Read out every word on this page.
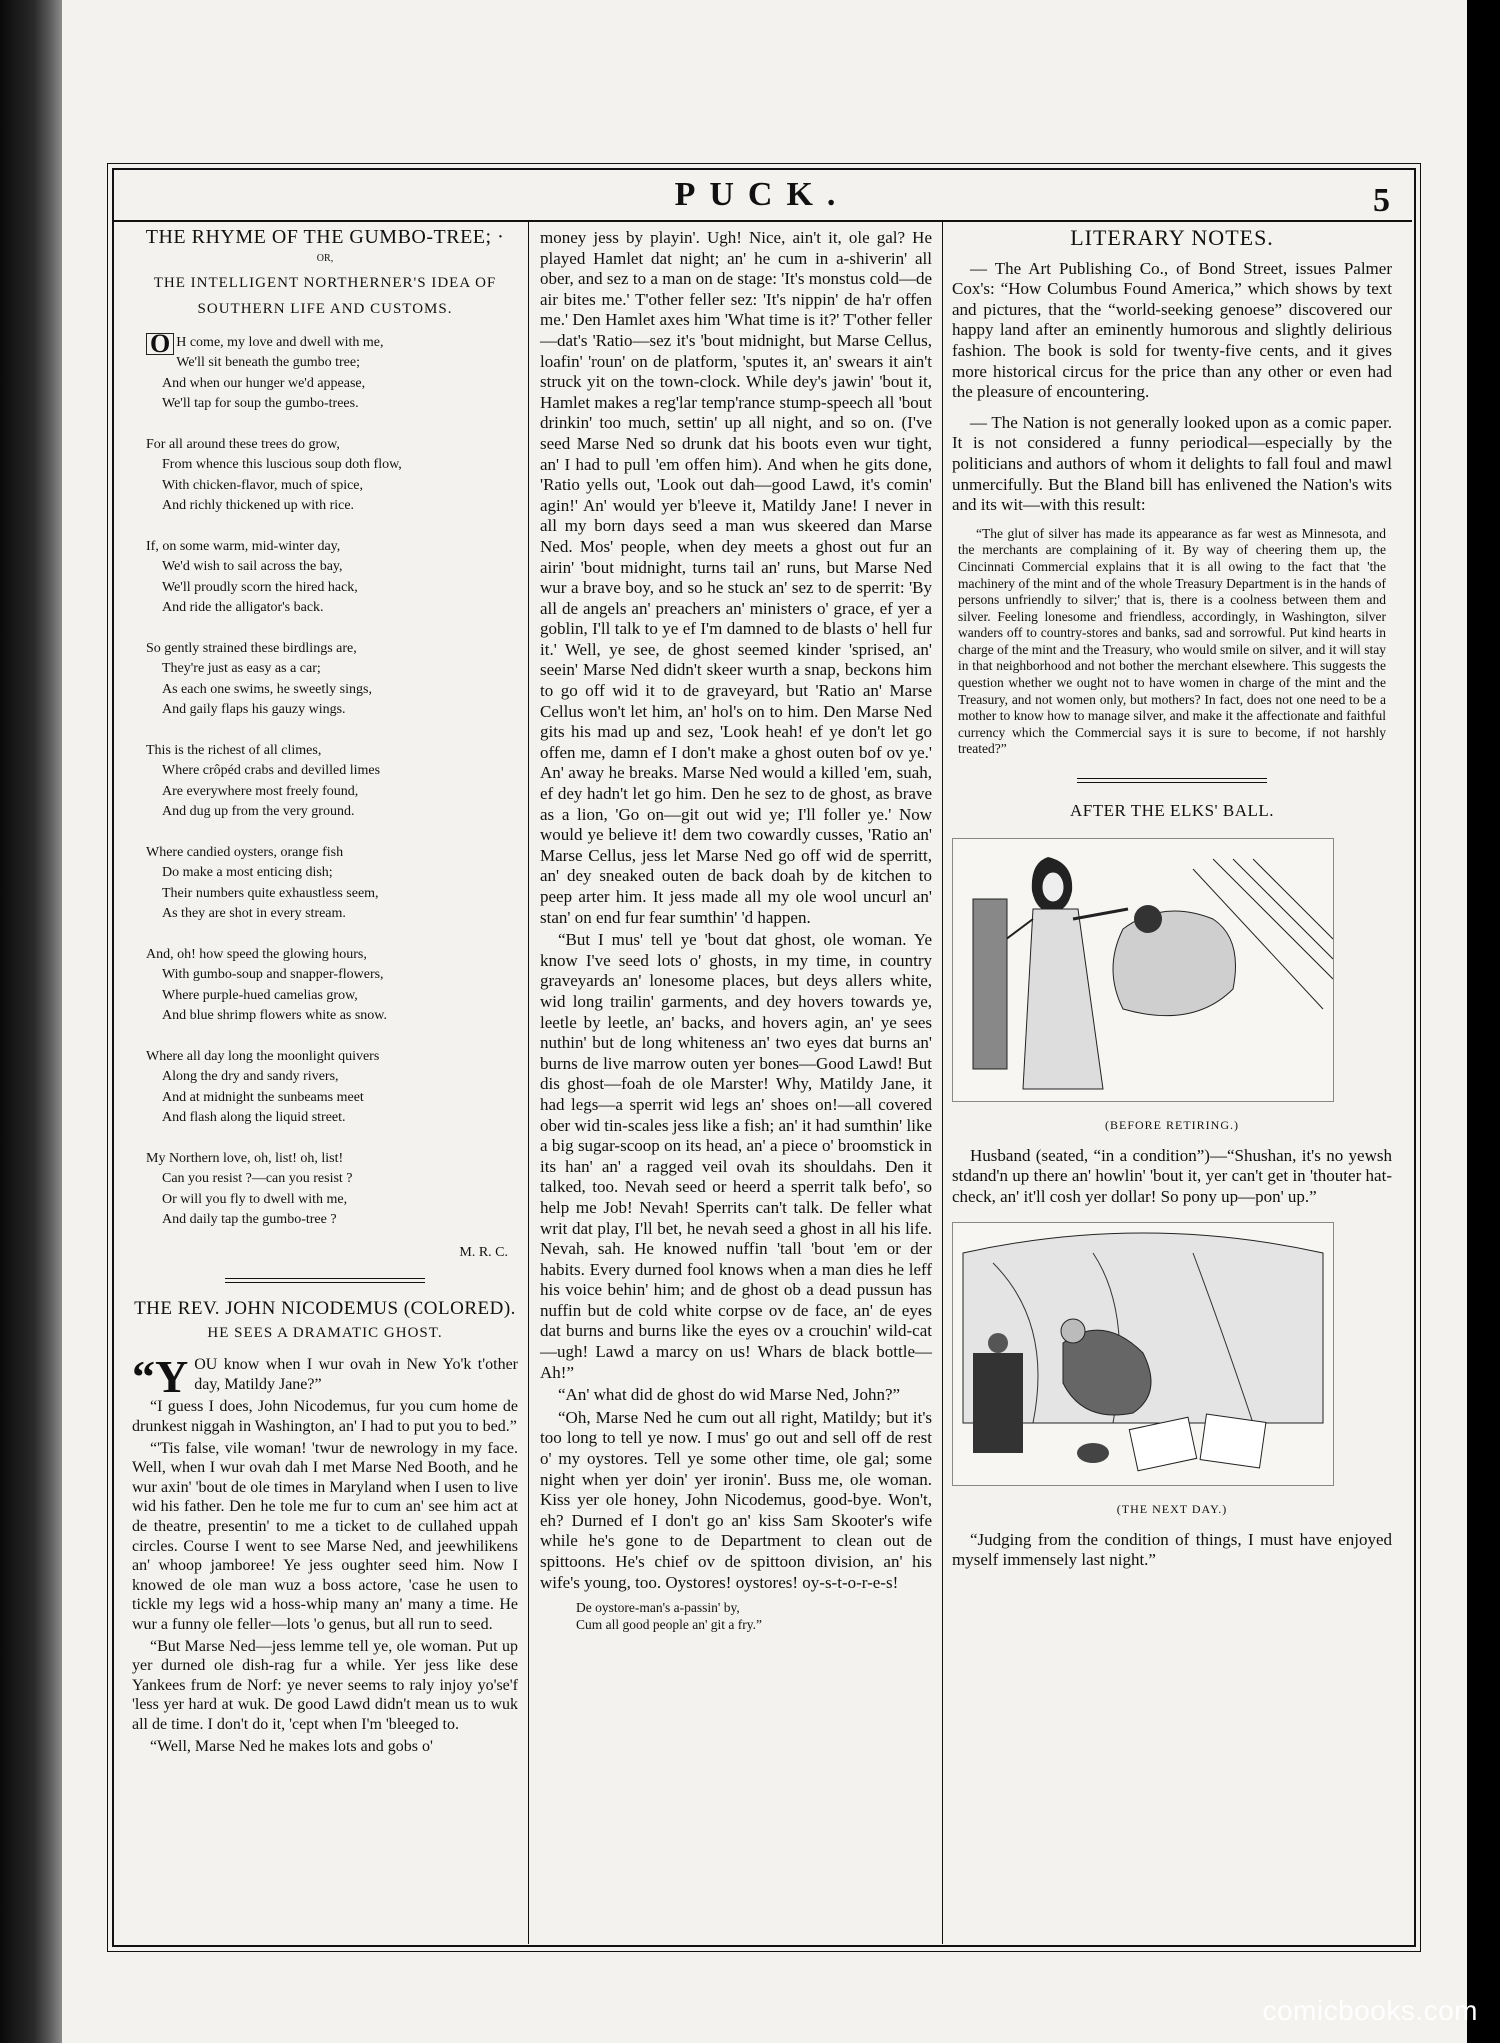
PUCK.	5
THE RHYME OF THE GUMBO-TREE; ·
OR,
THE INTELLIGENT NORTHERNER'S IDEA OF
SOUTHERN LIFE AND CUSTOMS.
O H come, my love and dwell with me,
We'll sit beneath the gumbo tree;
And when our hunger we'd appease,
We'll tap for soup the gumbo-trees.
For all around these trees do grow,
From whence this luscious soup doth flow,
With chicken-flavor, much of spice,
And richly thickened up with rice.
If, on some warm, mid-winter day,
We'd wish to sail across the bay,
We'll proudly scorn the hired hack,
And ride the alligator's back.
So gently strained these birdlings are,
They're just as easy as a car;
As each one swims, he sweetly sings,
And gaily flaps his gauzy wings.
This is the richest of all climes,
Where crôpéd crabs and devilled limes
Are everywhere most freely found,
And dug up from the very ground.
Where candied oysters, orange fish
Do make a most enticing dish;
Their numbers quite exhaustless seem,
As they are shot in every stream.
And, oh! how speed the glowing hours,
With gumbo-soup and snapper-flowers,
Where purple-hued camelias grow,
And blue shrimp flowers white as snow.
Where all day long the moonlight quivers
Along the dry and sandy rivers,
And at midnight the sunbeams meet
And flash along the liquid street.
My Northern love, oh, list! oh, list!
Can you resist ?—can you resist ?
Or will you fly to dwell with me,
And daily tap the gumbo-tree ?
M. R. C.
THE REV. JOHN NICODEMUS (COLORED).
HE SEES A DRAMATIC GHOST.
“Y OU know when I wur ovah in New Yo'k t'other day, Matildy Jane?”

“I guess I does, John Nicodemus, fur you cum home de drunkest niggah in Washington, an' I had to put you to bed.”

“'Tis false, vile woman! 'twur de newrology in my face. Well, when I wur ovah dah I met Marse Ned Booth, and he wur axin' 'bout de ole times in Maryland when I usen to live wid his father. Den he tole me fur to cum an' see him act at de theatre, presentin' to me a ticket to de cullahed uppah circles. Course I went to see Marse Ned, and jeewhilikens an' whoop jamboree! Ye jess oughter seed him. Now I knowed de ole man wuz a boss actore, 'case he usen to tickle my legs wid a hoss-whip many an' many a time. He wur a funny ole feller—lots 'o genus, but all run to seed.

“But Marse Ned—jess lemme tell ye, ole woman. Put up yer durned ole dish-rag fur a while. Yer jess like dese Yankees frum de Norf: ye never seems to raly injoy yo'se'f 'less yer hard at wuk. De good Lawd didn't mean us to wuk all de time. I don't do it, 'cept when I'm 'bleeged to.

“Well, Marse Ned he makes lots and gobs o'

money jess by playin'. Ugh! Nice, ain't it, ole gal? He played Hamlet dat night; an' he cum in a-shiverin' all ober, and sez to a man on de stage: 'It's monstus cold—de air bites me.' T'other feller sez: 'It's nippin' de ha'r offen me.' Den Hamlet axes him 'What time is it?' T'other feller—dat's 'Ratio—sez it's 'bout midnight, but Marse Cellus, loafin' 'roun' on de platform, 'sputes it, an' swears it ain't struck yit on the town-clock. While dey's jawin' 'bout it, Hamlet makes a reg'lar temp'rance stump-speech all 'bout drinkin' too much, settin' up all night, and so on. (I've seed Marse Ned so drunk dat his boots even wur tight, an' I had to pull 'em offen him). And when he gits done, 'Ratio yells out, 'Look out dah—good Lawd, it's comin' agin!' An' would yer b'leeve it, Matildy Jane! I never in all my born days seed a man wus skeered dan Marse Ned. Mos' people, when dey meets a ghost out fur an airin' 'bout midnight, turns tail an' runs, but Marse Ned wur a brave boy, and so he stuck an' sez to de sperrit: 'By all de angels an' preachers an' ministers o' grace, ef yer a goblin, I'll talk to ye ef I'm damned to de blasts o' hell fur it.' Well, ye see, de ghost seemed kinder 'sprised, an' seein' Marse Ned didn't skeer wurth a snap, beckons him to go off wid it to de graveyard, but 'Ratio an' Marse Cellus won't let him, an' hol's on to him. Den Marse Ned gits his mad up and sez, 'Look heah! ef ye don't let go offen me, damn ef I don't make a ghost outen bof ov ye.' An' away he breaks. Marse Ned would a killed 'em, suah, ef dey hadn't let go him. Den he sez to de ghost, as brave as a lion, 'Go on—git out wid ye; I'll foller ye.' Now would ye believe it! dem two cowardly cusses, 'Ratio an' Marse Cellus, jess let Marse Ned go off wid de sperritt, an' dey sneaked outen de back doah by de kitchen to peep arter him. It jess made all my ole wool uncurl an' stan' on end fur fear sumthin' 'd happen.

“But I mus' tell ye 'bout dat ghost, ole woman. Ye know I've seed lots o' ghosts, in my time, in country graveyards an' lonesome places, but deys allers white, wid long trailin' garments, and dey hovers towards ye, leetle by leetle, an' backs, and hovers agin, an' ye sees nuthin' but de long whiteness an' two eyes dat burns an' burns de live marrow outen yer bones—Good Lawd! But dis ghost—foah de ole Marster! Why, Matildy Jane, it had legs—a sperrit wid legs an' shoes on!—all covered ober wid tin-scales jess like a fish; an' it had sumthin' like a big sugar-scoop on its head, an' a piece o' broomstick in its han' an' a ragged veil ovah its shouldahs. Den it talked, too. Nevah seed or heerd a sperrit talk befo', so help me Job! Nevah! Sperrits can't talk. De feller what writ dat play, I'll bet, he nevah seed a ghost in all his life. Nevah, sah. He knowed nuffin 'tall 'bout 'em or der habits. Every durned fool knows when a man dies he leff his voice behin' him; and de ghost ob a dead pussun has nuffin but de cold white corpse ov de face, an' de eyes dat burns and burns like the eyes ov a crouchin' wild-cat—ugh! Lawd a marcy on us! Whars de black bottle—Ah!”

“An' what did de ghost do wid Marse Ned, John?”

“Oh, Marse Ned he cum out all right, Matildy; but it's too long to tell ye now. I mus' go out and sell off de rest o' my oystores. Tell ye some other time, ole gal; some night when yer doin' yer ironin'. Buss me, ole woman. Kiss yer ole honey, John Nicodemus, good-bye. Won't, eh? Durned ef I don't go an' kiss Sam Skooter's wife while he's gone to de Department to clean out de spittoons. He's chief ov de spittoon division, an' his wife's young, too. Oystores! oystores! oy-s-t-o-r-e-s!

De oystore-man's a-passin' by,
Cum all good people an' git a fry.”
LITERARY NOTES.

— The Art Publishing Co., of Bond Street, issues Palmer Cox's: “How Columbus Found America,” which shows by text and pictures, that the “world-seeking genoese” discovered our happy land after an eminently humorous and slightly delirious fashion. The book is sold for twenty-five cents, and it gives more historical circus for the price than any other or even had the pleasure of encountering.

— The Nation is not generally looked upon as a comic paper. It is not considered a funny periodical—especially by the politicians and authors of whom it delights to fall foul and mawl unmercifully. But the Bland bill has enlivened the Nation's wits and its wit—with this result:

“The glut of silver has made its appearance as far west as Minnesota, and the merchants are complaining of it. By way of cheering them up, the Cincinnati Commercial explains that it is all owing to the fact that 'the machinery of the mint and of the whole Treasury Department is in the hands of persons unfriendly to silver;' that is, there is a coolness between them and silver. Feeling lonesome and friendless, accordingly, in Washington, silver wanders off to country-stores and banks, sad and sorrowful. Put kind hearts in charge of the mint and the Treasury, who would smile on silver, and it will stay in that neighborhood and not bother the merchant elsewhere. This suggests the question whether we ought not to have women in charge of the mint and the Treasury, and not women only, but mothers? In fact, does not one need to be a mother to know how to manage silver, and make it the affectionate and faithful currency which the Commercial says it is sure to become, if not harshly treated?”
AFTER THE ELKS' BALL.
(BEFORE RETIRING.)

Husband (seated, “in a condition”)—“Shushan, it's no yewsh stdand'n up there an' howlin' 'bout it, yer can't get in 'thouter hat-check, an' it'll cosh yer dollar! So pony up—pon' up.”

(THE NEXT DAY.)

“Judging from the condition of things, I must have enjoyed myself immensely last night.”

comicbooks.com
